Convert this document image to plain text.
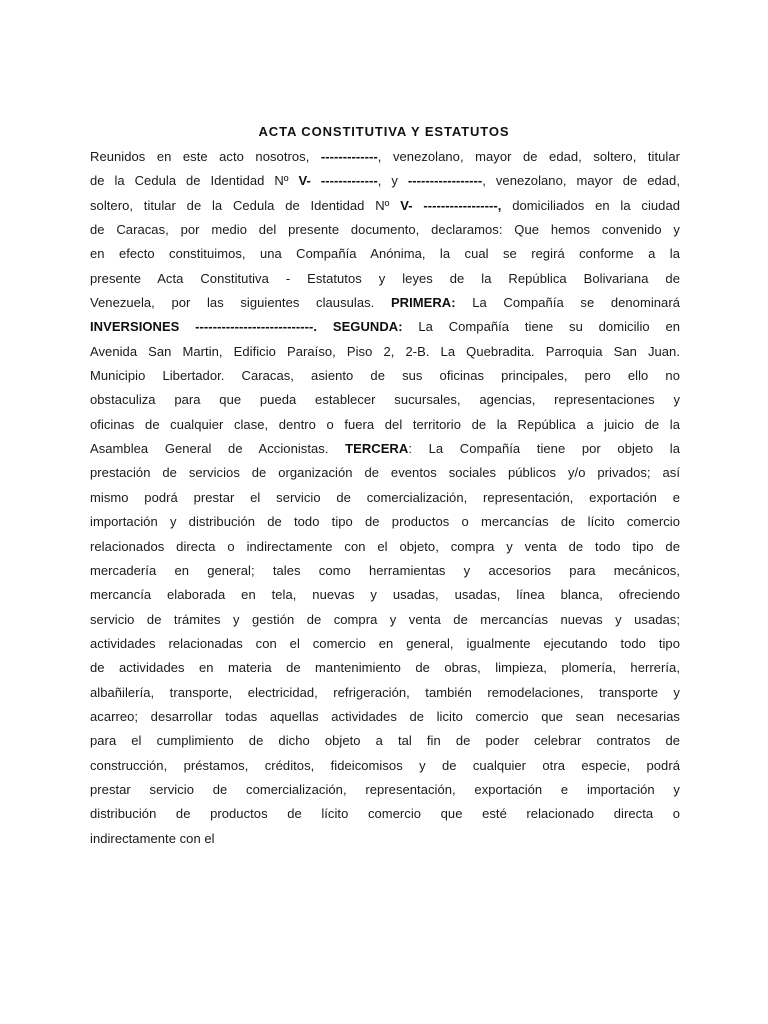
ACTA CONSTITUTIVA Y ESTATUTOS
Reunidos en este acto nosotros, -------------, venezolano, mayor de edad, soltero, titular
de la Cedula de Identidad Nº V- -------------, y -----------------, venezolano, mayor de edad,
soltero, titular de la Cedula de Identidad Nº V- -----------------, domiciliados en la ciudad
de Caracas, por medio del presente documento, declaramos: Que hemos convenido y
en efecto constituimos, una Compañía Anónima, la cual se regirá conforme a la
presente Acta Constitutiva - Estatutos y leyes de la República Bolivariana de
Venezuela, por las siguientes clausulas. PRIMERA: La Compañía se denominará
INVERSIONES ---------------------------. SEGUNDA: La Compañía tiene su domicilio en
Avenida San Martin, Edificio Paraíso, Piso 2, 2-B. La Quebradita. Parroquia San Juan.
Municipio Libertador. Caracas, asiento de sus oficinas principales, pero ello no
obstaculiza para que pueda establecer sucursales, agencias, representaciones y
oficinas de cualquier clase, dentro o fuera del territorio de la República a juicio de la
Asamblea General de Accionistas. TERCERA: La Compañía tiene por objeto la
prestación de servicios de organización de eventos sociales públicos y/o privados; así
mismo podrá prestar el servicio de comercialización, representación, exportación e
importación y distribución de todo tipo de productos o mercancías de lícito comercio
relacionados directa o indirectamente con el objeto, compra y venta de todo tipo de
mercadería en general; tales como herramientas y accesorios para mecánicos,
mercancía elaborada en tela, nuevas y usadas, usadas, línea blanca, ofreciendo
servicio de trámites y gestión de compra y venta de mercancías nuevas y usadas;
actividades relacionadas con el comercio en general, igualmente ejecutando todo tipo
de actividades en materia de mantenimiento de obras, limpieza, plomería, herrería,
albañilería, transporte, electricidad, refrigeración, también remodelaciones, transporte y
acarreo; desarrollar todas aquellas actividades de licito comercio que sean necesarias
para el cumplimiento de dicho objeto a tal fin de poder celebrar contratos de
construcción, préstamos, créditos, fideicomisos y de cualquier otra especie, podrá
prestar servicio de comercialización, representación, exportación e importación y
distribución de productos de lícito comercio que esté relacionado directa o
indirectamente con el
